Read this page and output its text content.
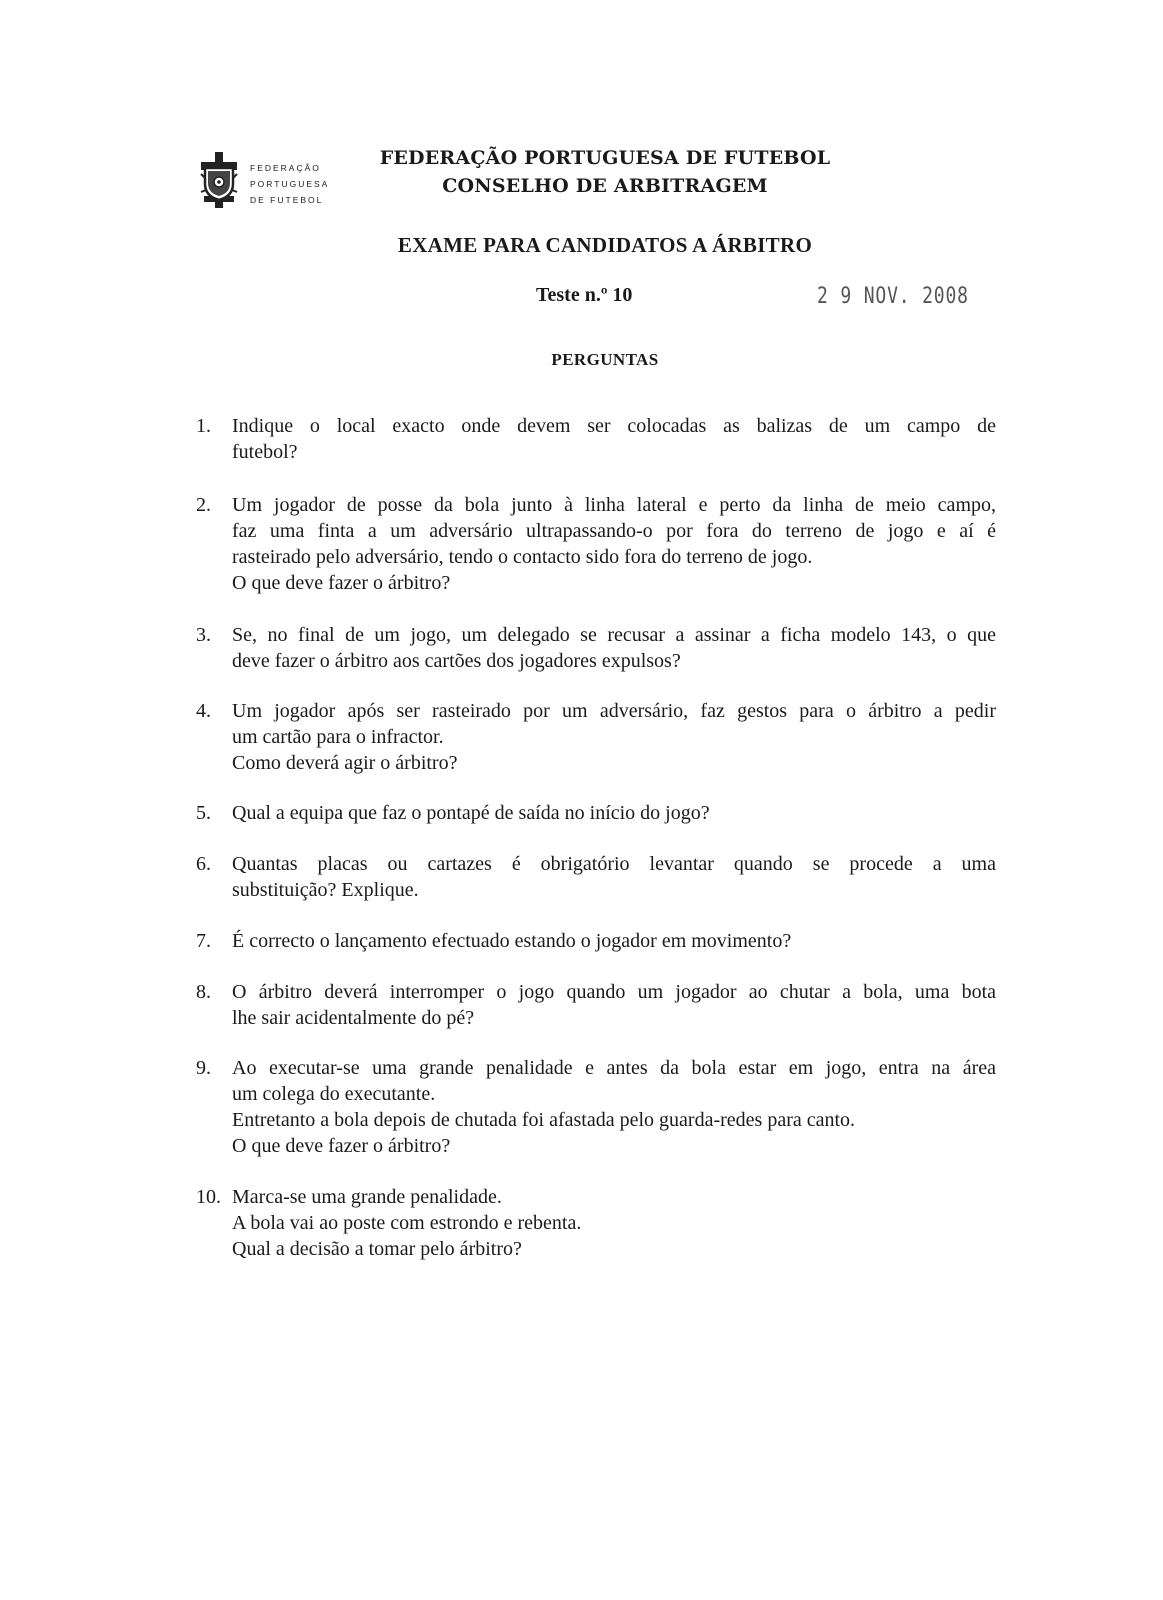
FEDERAÇÃO
PORTUGUESA
DE FUTEBOL
FEDERAÇÃO PORTUGUESA DE FUTEBOL
CONSELHO DE ARBITRAGEM
EXAME PARA CANDIDATOS A ÁRBITRO
Teste n.º 10	2 9 NOV. 2008
PERGUNTAS
1.	Indique o local exacto onde devem ser colocadas as balizas de um campo de
futebol?
2.	Um jogador de posse da bola junto à linha lateral e perto da linha de meio campo,
faz uma finta a um adversário ultrapassando-o por fora do terreno de jogo e aí é
rasteirado pelo adversário, tendo o contacto sido fora do terreno de jogo.
O que deve fazer o árbitro?
3.	Se, no final de um jogo, um delegado se recusar a assinar a ficha modelo 143, o que
deve fazer o árbitro aos cartões dos jogadores expulsos?
4.	Um jogador após ser rasteirado por um adversário, faz gestos para o árbitro a pedir
um cartão para o infractor.
Como deverá agir o árbitro?
5.	Qual a equipa que faz o pontapé de saída no início do jogo?
6.	Quantas placas ou cartazes é obrigatório levantar quando se procede a uma
substituição? Explique.
7.	É correcto o lançamento efectuado estando o jogador em movimento?
8.	O árbitro deverá interromper o jogo quando um jogador ao chutar a bola, uma bota
lhe sair acidentalmente do pé?
9.	Ao executar-se uma grande penalidade e antes da bola estar em jogo, entra na área
um colega do executante.
Entretanto a bola depois de chutada foi afastada pelo guarda-redes para canto.
O que deve fazer o árbitro?
10. Marca-se uma grande penalidade.
A bola vai ao poste com estrondo e rebenta.
Qual a decisão a tomar pelo árbitro?
